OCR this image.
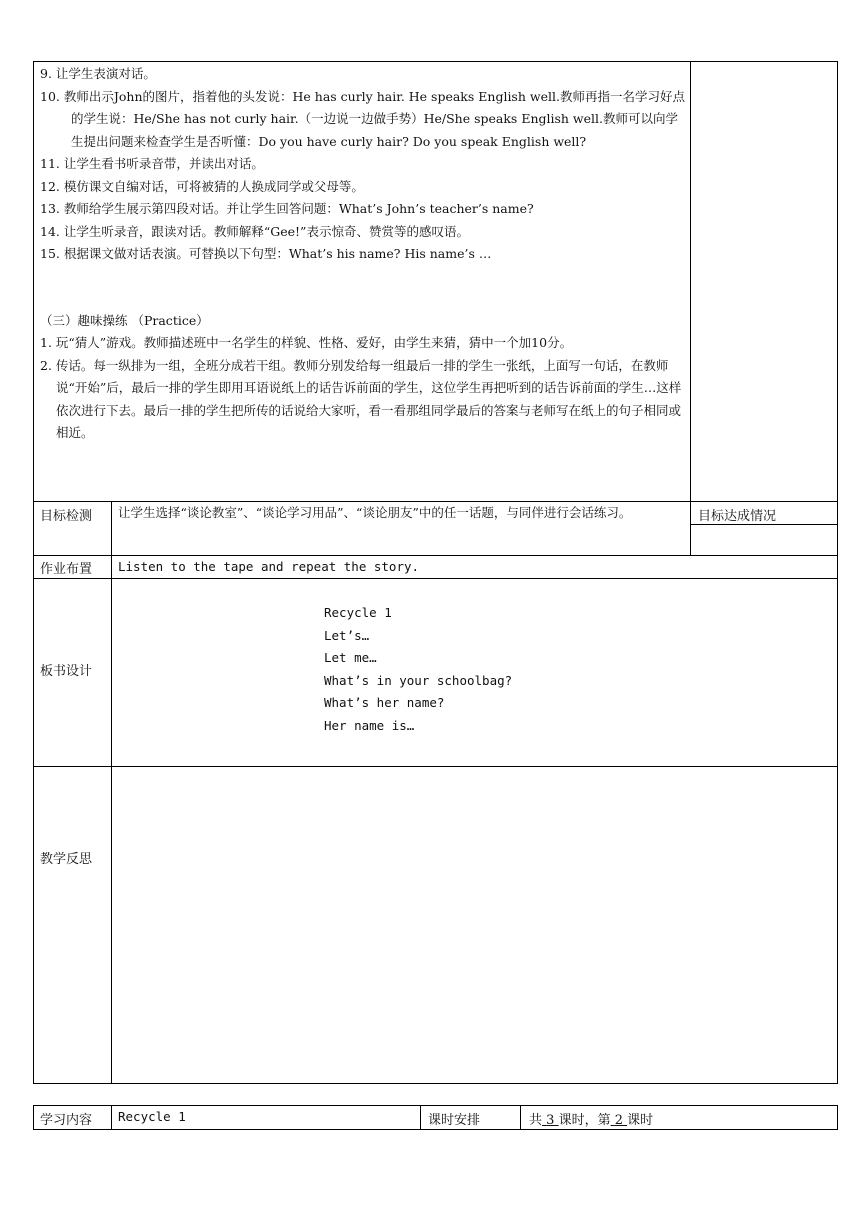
9. 让学生表演对话。
10. 教师出示John的图片，指着他的头发说：He has curly hair. He speaks English well.教师再指一名学习好点的学生说：He/She has not curly hair.（一边说一边做手势）He/She speaks English well.教师可以向学生提出问题来检查学生是否听懂：Do you have curly hair? Do you speak English well?
11. 让学生看书听录音带，并读出对话。
12. 模仿课文自编对话，可将被猜的人换成同学或父母等。
13. 教师给学生展示第四段对话。并让学生回答问题：What’s John’s teacher’s name?
14. 让学生听录音，跟读对话。教师解释“Gee!”表示惊奇、赞赏等的感叹语。
15. 根据课文做对话表演。可替换以下句型：What’s his name? His name’s …
（三）趣味操练 （Practice）
1. 玩“猜人”游戏。教师描述班中一名学生的样貌、性格、爱好，由学生来猜，猜中一个加10分。
2. 传话。每一纵排为一组，全班分成若干组。教师分别发给每一组最后一排的学生一张纸，上面写一句话，在教师说“开始”后，最后一排的学生即用耳语说纸上的话告诉前面的学生，这位学生再把听到的话告诉前面的学生…这样依次进行下去。最后一排的学生把所传的话说给大家听，看一看那组同学最后的答案与老师写在纸上的句子相同或相近。
目标检测 让学生选择“谈论教室”、“谈论学习用品”、“谈论朋友”中的任一话题，与同伴进行会话练习。	目标达成情况
作业布置 Listen to the tape and repeat the story.
板书设计
Recycle 1
Let’s…
Let me…
What’s in your schoolbag?
What’s her name?
Her name is…
教学反思
学习内容 Recycle 1	课时安排	共 3 课时，第 2 课时
